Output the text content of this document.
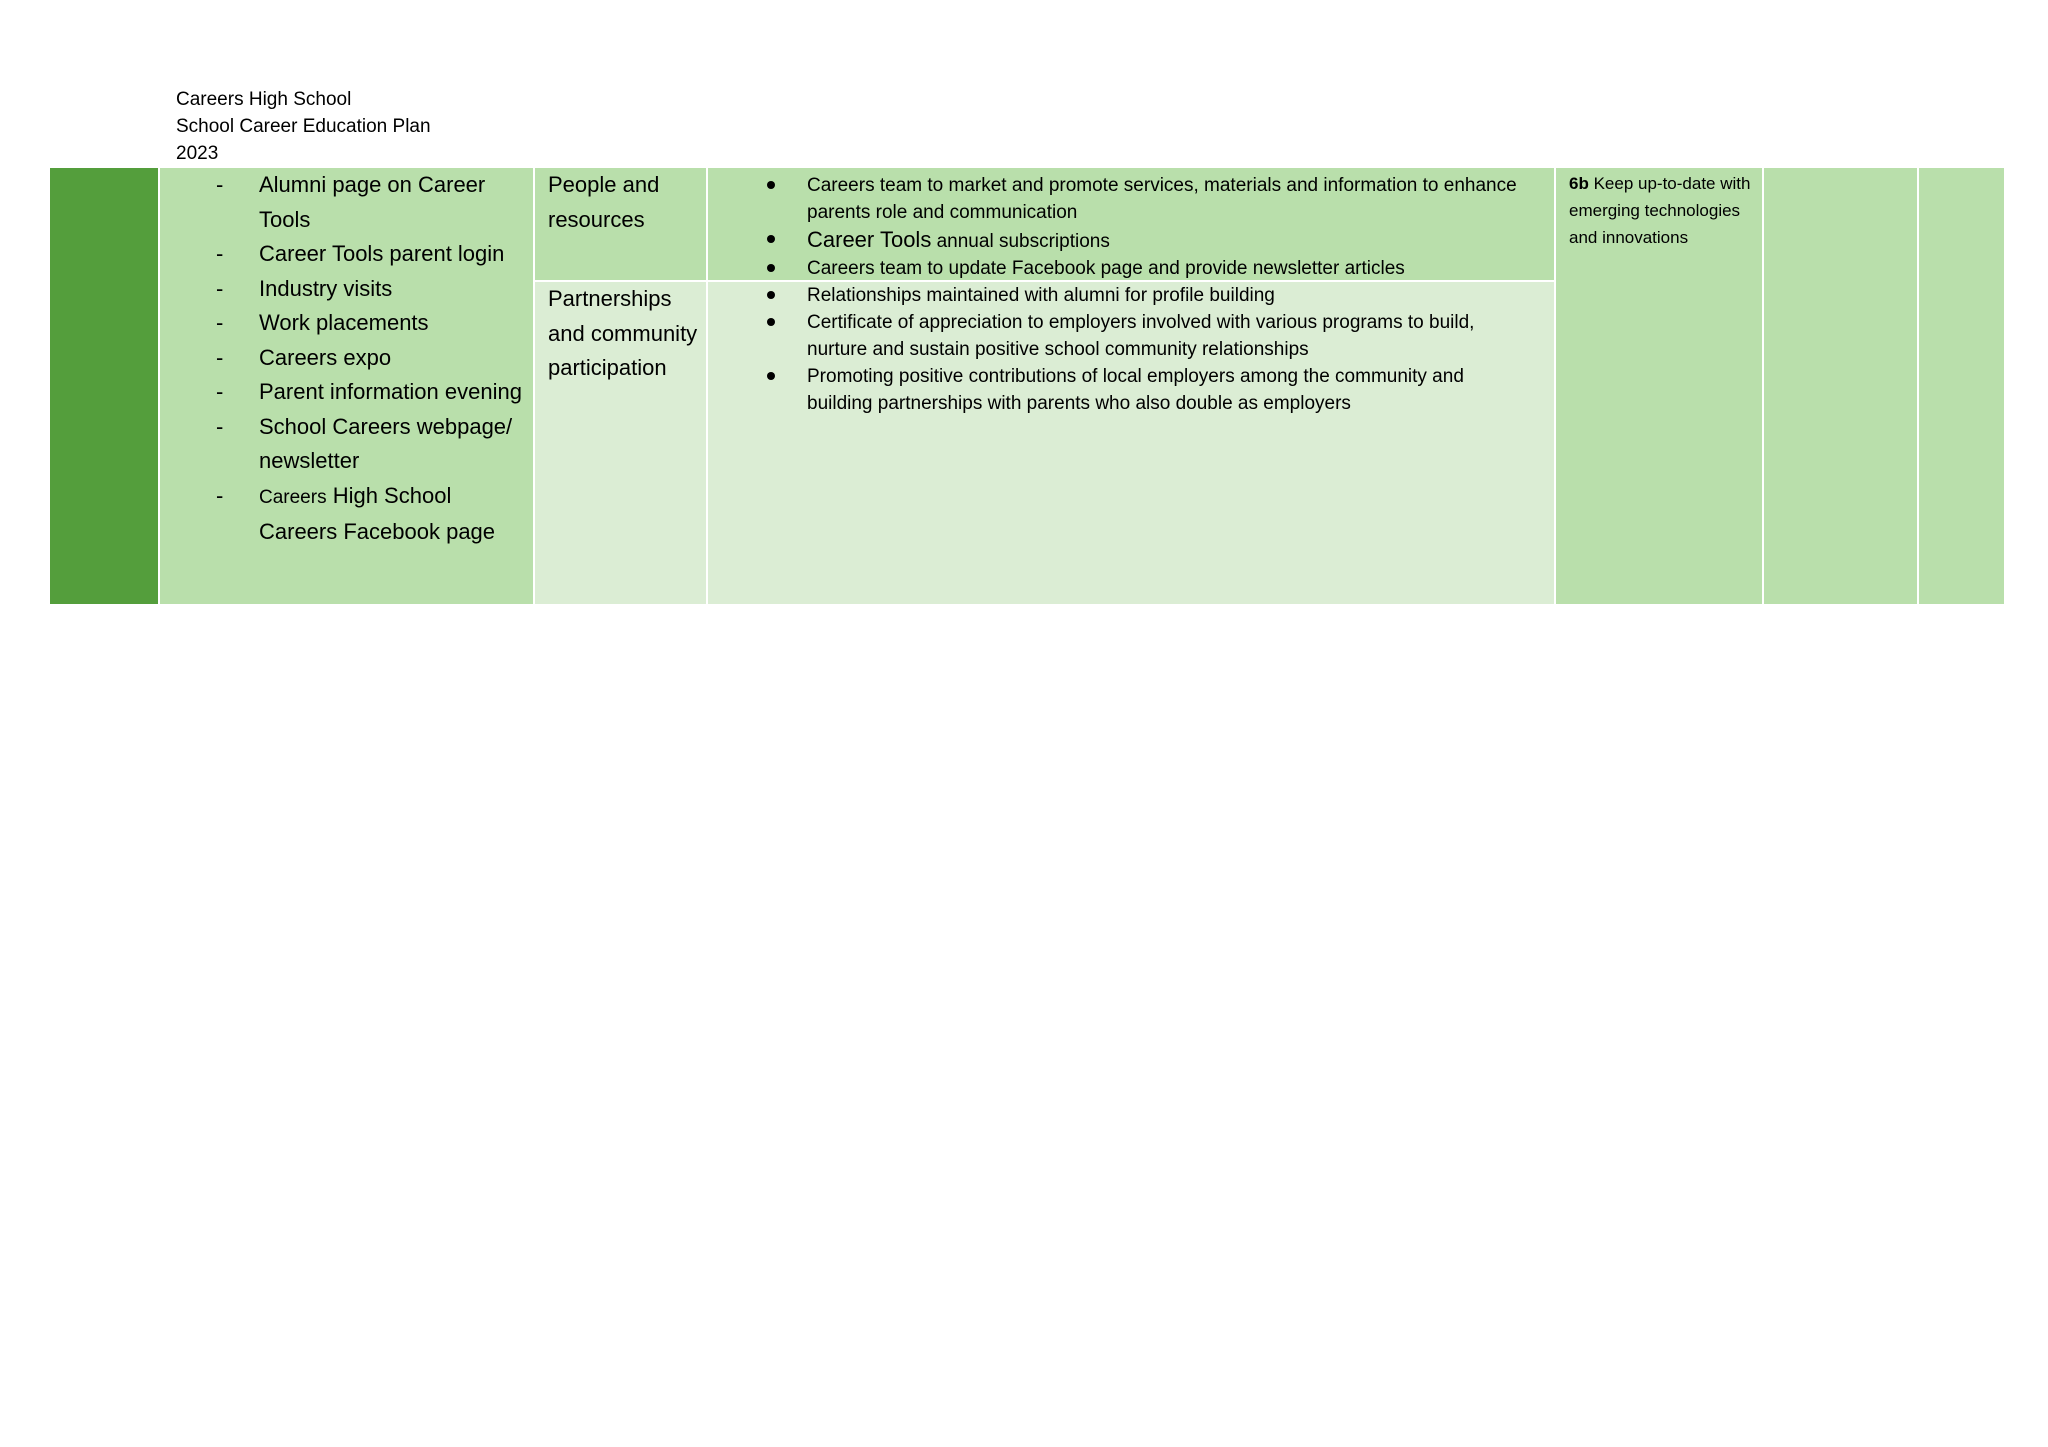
Careers High School
School Career Education Plan
2023
- Alumni page on Career Tools
- Career Tools parent login
- Industry visits
- Work placements
- Careers expo
- Parent information evening
- School Careers webpage/ newsletter
- Careers High School Careers Facebook page

People and resources

Partnerships and community participation

Careers team to market and promote services, materials and information to enhance parents role and communication
Career Tools annual subscriptions
Careers team to update Facebook page and provide newsletter articles
Relationships maintained with alumni for profile building
Certificate of appreciation to employers involved with various programs to build, nurture and sustain positive school community relationships
Promoting positive contributions of local employers among the community and building partnerships with parents who also double as employers

6b Keep up-to-date with emerging technologies and innovations
